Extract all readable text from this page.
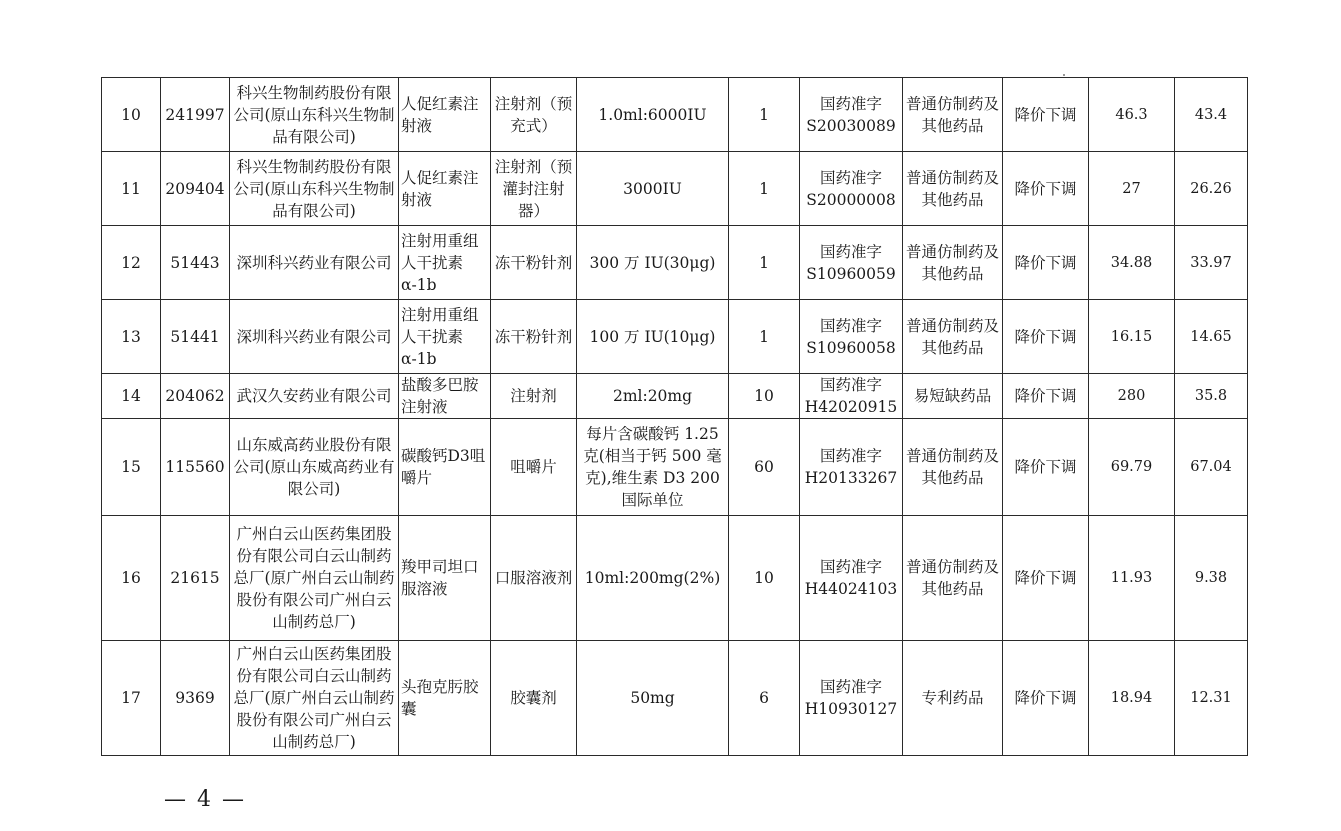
10	241997	科兴生物制药股份有限公司(原山东科兴生物制品有限公司)	人促红素注射液	注射剂（预充式）	1.0ml:6000IU	1	国药准字S20030089	普通仿制药及其他药品	降价下调	46.3	43.4
11	209404	科兴生物制药股份有限公司(原山东科兴生物制品有限公司)	人促红素注射液	注射剂（预灌封注射器）	3000IU	1	国药准字S20000008	普通仿制药及其他药品	降价下调	27	26.26
12	51443	深圳科兴药业有限公司	注射用重组人干扰素α-1b	冻干粉针剂	300 万 IU(30μg)	1	国药准字S10960059	普通仿制药及其他药品	降价下调	34.88	33.97
13	51441	深圳科兴药业有限公司	注射用重组人干扰素α-1b	冻干粉针剂	100 万 IU(10μg)	1	国药准字S10960058	普通仿制药及其他药品	降价下调	16.15	14.65
14	204062	武汉久安药业有限公司	盐酸多巴胺注射液	注射剂	2ml:20mg	10	国药准字H42020915	易短缺药品	降价下调	280	35.8
15	115560	山东威高药业股份有限公司(原山东威高药业有限公司)	碳酸钙D3咀嚼片	咀嚼片	每片含碳酸钙 1.25 克(相当于钙 500 毫克),维生素 D3 200 国际单位	60	国药准字H20133267	普通仿制药及其他药品	降价下调	69.79	67.04
16	21615	广州白云山医药集团股份有限公司白云山制药总厂(原广州白云山制药股份有限公司广州白云山制药总厂)	羧甲司坦口服溶液	口服溶液剂	10ml:200mg(2%)	10	国药准字H44024103	普通仿制药及其他药品	降价下调	11.93	9.38
17	9369	广州白云山医药集团股份有限公司白云山制药总厂(原广州白云山制药股份有限公司广州白云山制药总厂)	头孢克肟胶囊	胶囊剂	50mg	6	国药准字H10930127	专利药品	降价下调	18.94	12.31
— 4 —
